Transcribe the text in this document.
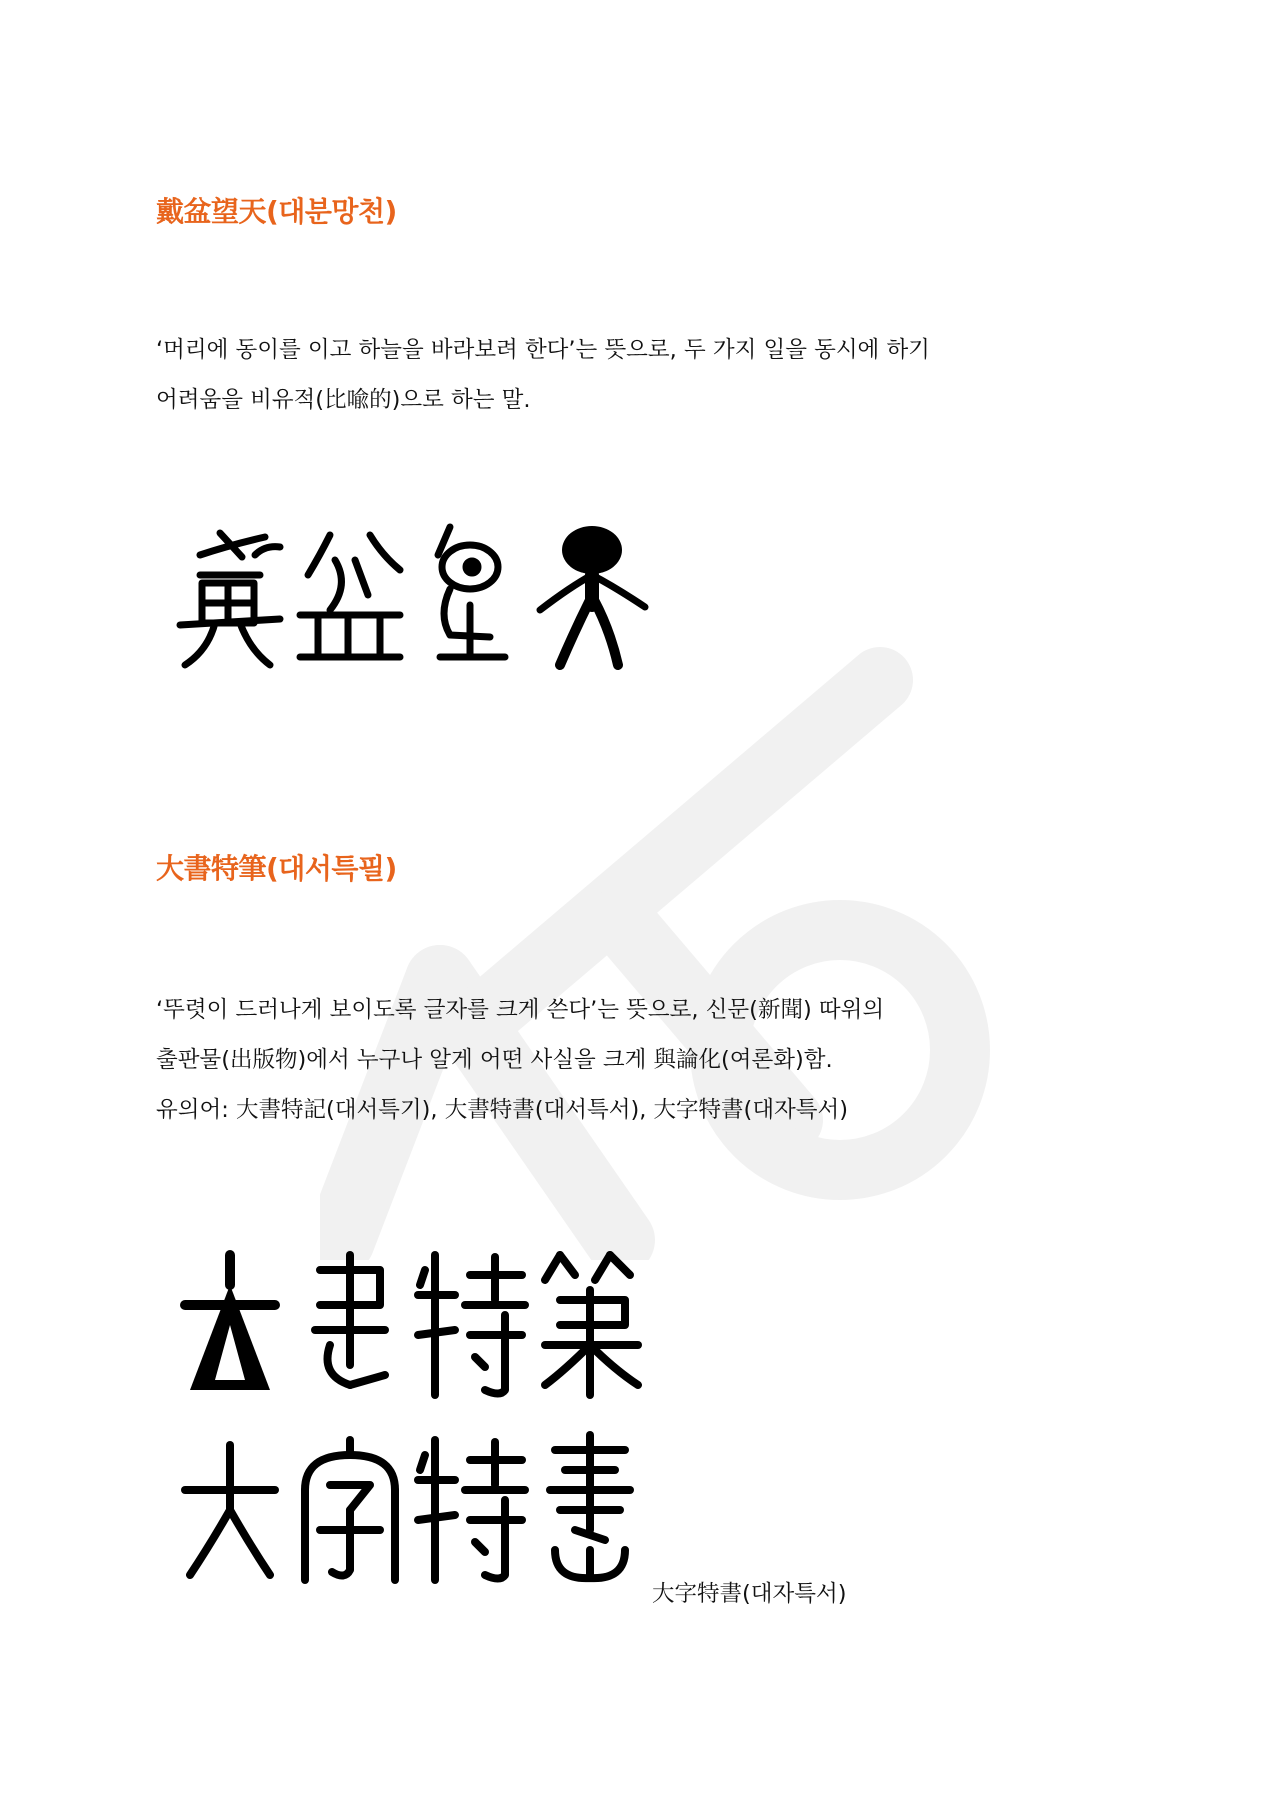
戴盆望天(대분망천)
‘머리에 동이를 이고 하늘을 바라보려 한다’는 뜻으로, 두 가지 일을 동시에 하기
어려움을 비유적(比喩的)으로 하는 말.
大書特筆(대서특필)
‘뚜렷이 드러나게 보이도록 글자를 크게 쓴다’는 뜻으로, 신문(新聞) 따위의
출판물(出版物)에서 누구나 알게 어떤 사실을 크게 與論化(여론화)함.
유의어: 大書特記(대서특기), 大書特書(대서특서), 大字特書(대자특서)
大字特書(대자특서)
